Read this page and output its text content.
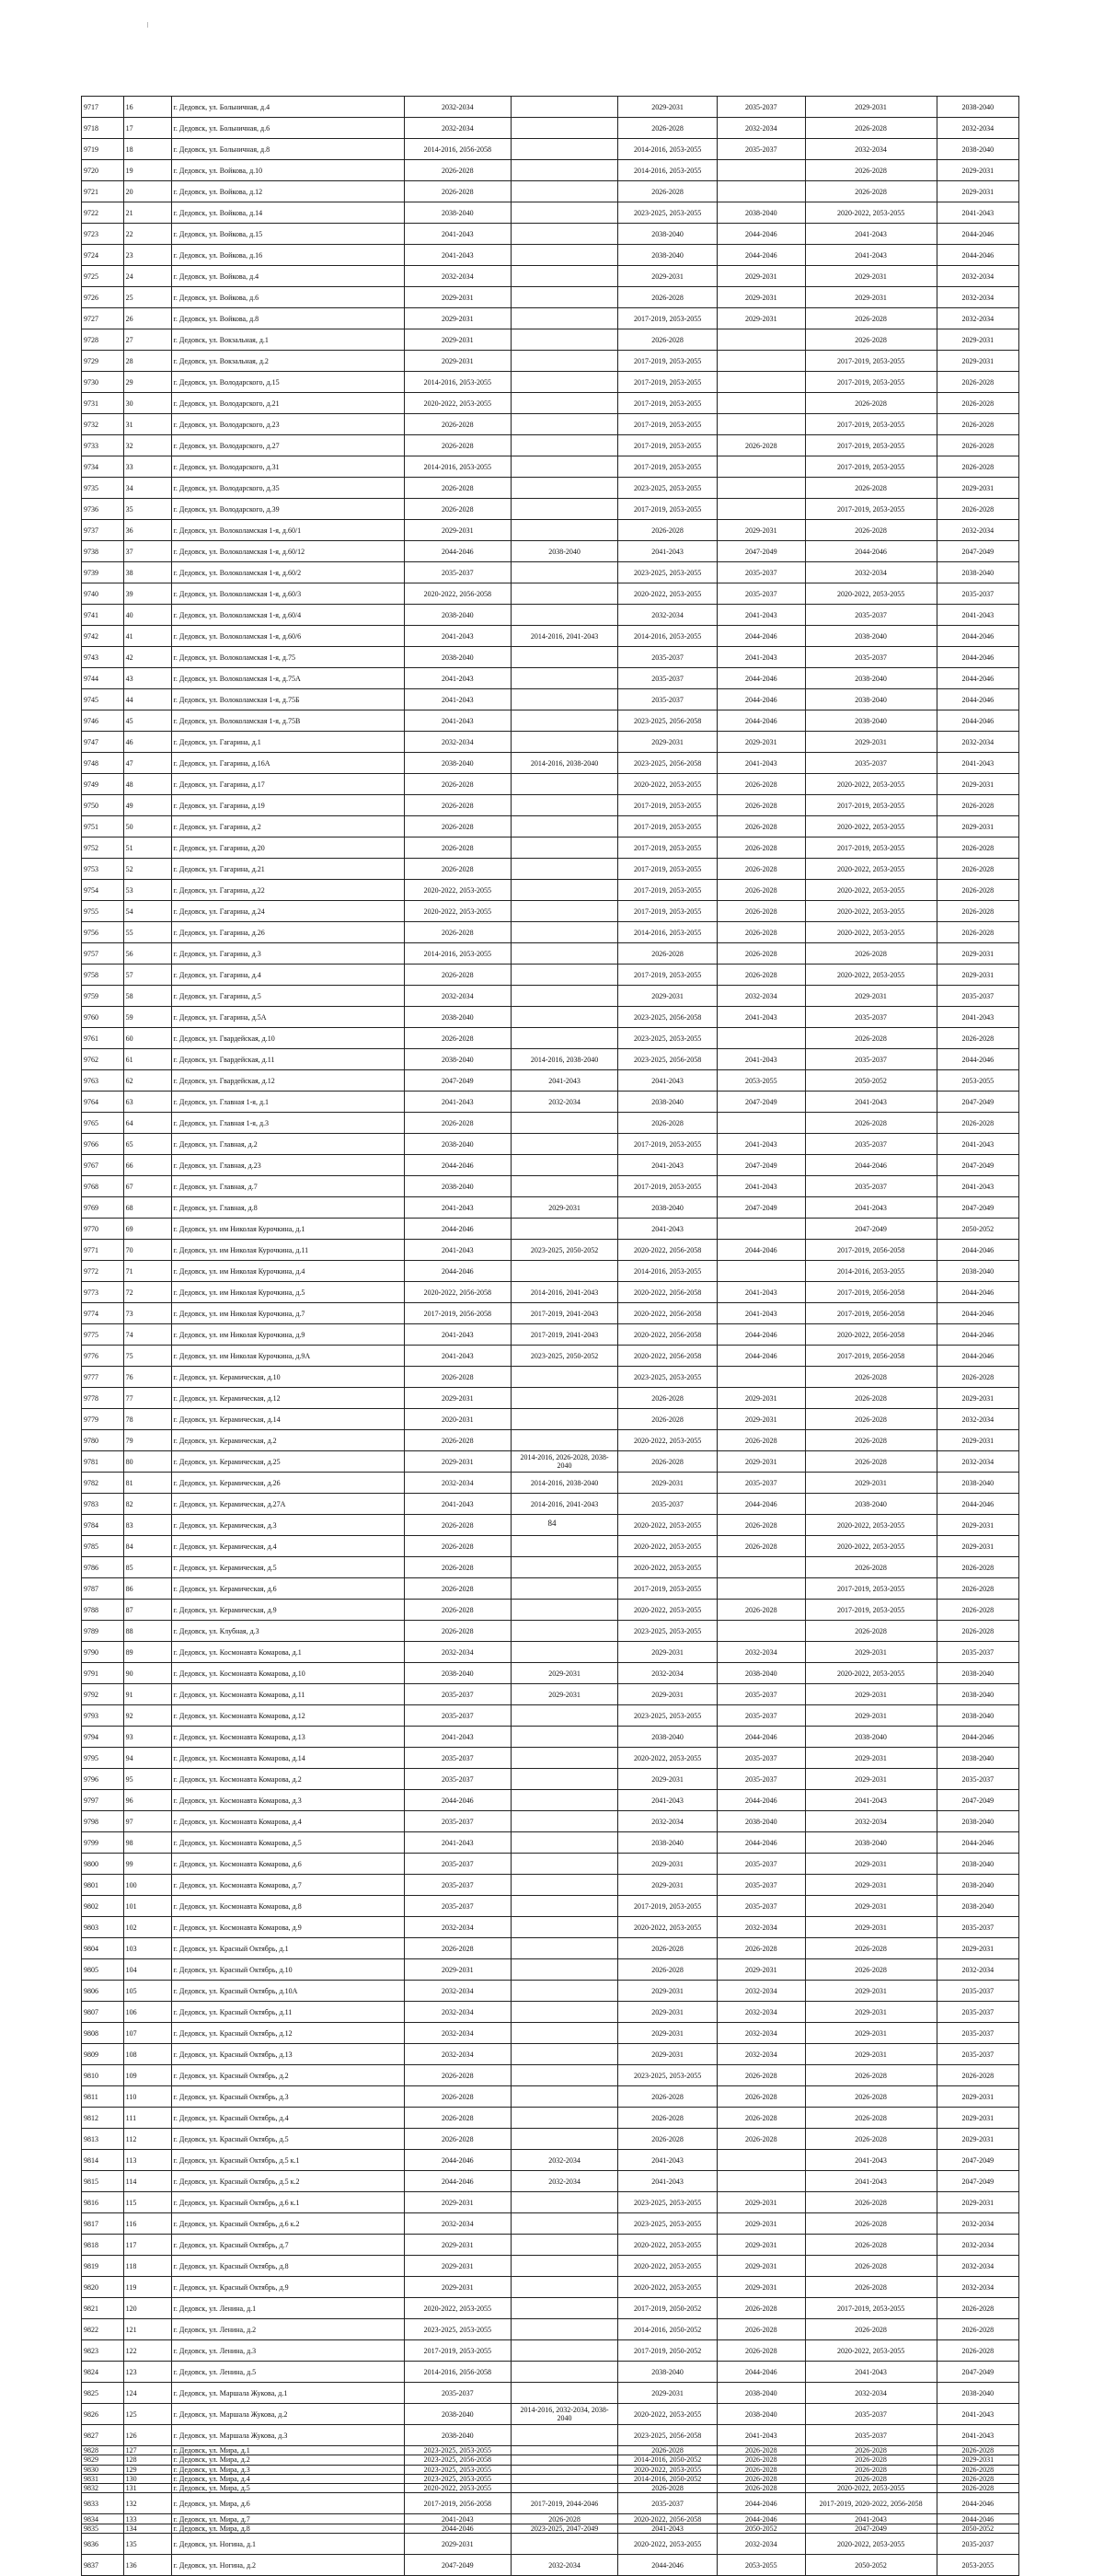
9717	16	г. Дедовск, ул. Больничная, д.4	2032-2034		2029-2031	2035-2037	2029-2031	2038-2040
9718	17	г. Дедовск, ул. Больничная, д.6	2032-2034		2026-2028	2032-2034	2026-2028	2032-2034
9719	18	г. Дедовск, ул. Больничная, д.8	2014-2016, 2056-2058		2014-2016, 2053-2055	2035-2037	2032-2034	2038-2040
9720	19	г. Дедовск, ул. Войкова, д.10	2026-2028		2014-2016, 2053-2055		2026-2028	2029-2031
9721	20	г. Дедовск, ул. Войкова, д.12	2026-2028		2026-2028		2026-2028	2029-2031
9722	21	г. Дедовск, ул. Войкова, д.14	2038-2040		2023-2025, 2053-2055	2038-2040	2020-2022, 2053-2055	2041-2043
9723	22	г. Дедовск, ул. Войкова, д.15	2041-2043		2038-2040	2044-2046	2041-2043	2044-2046
9724	23	г. Дедовск, ул. Войкова, д.16	2041-2043		2038-2040	2044-2046	2041-2043	2044-2046
9725	24	г. Дедовск, ул. Войкова, д.4	2032-2034		2029-2031	2029-2031	2029-2031	2032-2034
9726	25	г. Дедовск, ул. Войкова, д.6	2029-2031		2026-2028	2029-2031	2029-2031	2032-2034
9727	26	г. Дедовск, ул. Войкова, д.8	2029-2031		2017-2019, 2053-2055	2029-2031	2026-2028	2032-2034
9728	27	г. Дедовск, ул. Вокзальная, д.1	2029-2031		2026-2028		2026-2028	2029-2031
9729	28	г. Дедовск, ул. Вокзальная, д.2	2029-2031		2017-2019, 2053-2055		2017-2019, 2053-2055	2029-2031
9730	29	г. Дедовск, ул. Володарского, д.15	2014-2016, 2053-2055		2017-2019, 2053-2055		2017-2019, 2053-2055	2026-2028
9731	30	г. Дедовск, ул. Володарского, д.21	2020-2022, 2053-2055		2017-2019, 2053-2055		2026-2028	2026-2028
9732	31	г. Дедовск, ул. Володарского, д.23	2026-2028		2017-2019, 2053-2055		2017-2019, 2053-2055	2026-2028
9733	32	г. Дедовск, ул. Володарского, д.27	2026-2028		2017-2019, 2053-2055	2026-2028	2017-2019, 2053-2055	2026-2028
9734	33	г. Дедовск, ул. Володарского, д.31	2014-2016, 2053-2055		2017-2019, 2053-2055		2017-2019, 2053-2055	2026-2028
9735	34	г. Дедовск, ул. Володарского, д.35	2026-2028		2023-2025, 2053-2055		2026-2028	2029-2031
9736	35	г. Дедовск, ул. Володарского, д.39	2026-2028		2017-2019, 2053-2055		2017-2019, 2053-2055	2026-2028
9737	36	г. Дедовск, ул. Волоколамская 1-я, д.60/1	2029-2031		2026-2028	2029-2031	2026-2028	2032-2034
9738	37	г. Дедовск, ул. Волоколамская 1-я, д.60/12	2044-2046	2038-2040	2041-2043	2047-2049	2044-2046	2047-2049
9739	38	г. Дедовск, ул. Волоколамская 1-я, д.60/2	2035-2037		2023-2025, 2053-2055	2035-2037	2032-2034	2038-2040
9740	39	г. Дедовск, ул. Волоколамская 1-я, д.60/3	2020-2022, 2056-2058		2020-2022, 2053-2055	2035-2037	2020-2022, 2053-2055	2035-2037
9741	40	г. Дедовск, ул. Волоколамская 1-я, д.60/4	2038-2040		2032-2034	2041-2043	2035-2037	2041-2043
9742	41	г. Дедовск, ул. Волоколамская 1-я, д.60/6	2041-2043	2014-2016, 2041-2043	2014-2016, 2053-2055	2044-2046	2038-2040	2044-2046
9743	42	г. Дедовск, ул. Волоколамская 1-я, д.75	2038-2040		2035-2037	2041-2043	2035-2037	2044-2046
9744	43	г. Дедовск, ул. Волоколамская 1-я, д.75А	2041-2043		2035-2037	2044-2046	2038-2040	2044-2046
9745	44	г. Дедовск, ул. Волоколамская 1-я, д.75Б	2041-2043		2035-2037	2044-2046	2038-2040	2044-2046
9746	45	г. Дедовск, ул. Волоколамская 1-я, д.75В	2041-2043		2023-2025, 2056-2058	2044-2046	2038-2040	2044-2046
9747	46	г. Дедовск, ул. Гагарина, д.1	2032-2034		2029-2031	2029-2031	2029-2031	2032-2034
9748	47	г. Дедовск, ул. Гагарина, д.16А	2038-2040	2014-2016, 2038-2040	2023-2025, 2056-2058	2041-2043	2035-2037	2041-2043
9749	48	г. Дедовск, ул. Гагарина, д.17	2026-2028		2020-2022, 2053-2055	2026-2028	2020-2022, 2053-2055	2029-2031
9750	49	г. Дедовск, ул. Гагарина, д.19	2026-2028		2017-2019, 2053-2055	2026-2028	2017-2019, 2053-2055	2026-2028
9751	50	г. Дедовск, ул. Гагарина, д.2	2026-2028		2017-2019, 2053-2055	2026-2028	2020-2022, 2053-2055	2029-2031
9752	51	г. Дедовск, ул. Гагарина, д.20	2026-2028		2017-2019, 2053-2055	2026-2028	2017-2019, 2053-2055	2026-2028
9753	52	г. Дедовск, ул. Гагарина, д.21	2026-2028		2017-2019, 2053-2055	2026-2028	2020-2022, 2053-2055	2026-2028
9754	53	г. Дедовск, ул. Гагарина, д.22	2020-2022, 2053-2055		2017-2019, 2053-2055	2026-2028	2020-2022, 2053-2055	2026-2028
9755	54	г. Дедовск, ул. Гагарина, д.24	2020-2022, 2053-2055		2017-2019, 2053-2055	2026-2028	2020-2022, 2053-2055	2026-2028
9756	55	г. Дедовск, ул. Гагарина, д.26	2026-2028		2014-2016, 2053-2055	2026-2028	2020-2022, 2053-2055	2026-2028
9757	56	г. Дедовск, ул. Гагарина, д.3	2014-2016, 2053-2055		2026-2028	2026-2028	2026-2028	2029-2031
9758	57	г. Дедовск, ул. Гагарина, д.4	2026-2028		2017-2019, 2053-2055	2026-2028	2020-2022, 2053-2055	2029-2031
9759	58	г. Дедовск, ул. Гагарина, д.5	2032-2034		2029-2031	2032-2034	2029-2031	2035-2037
9760	59	г. Дедовск, ул. Гагарина, д.5А	2038-2040		2023-2025, 2056-2058	2041-2043	2035-2037	2041-2043
9761	60	г. Дедовск, ул. Гвардейская, д.10	2026-2028		2023-2025, 2053-2055		2026-2028	2026-2028
9762	61	г. Дедовск, ул. Гвардейская, д.11	2038-2040	2014-2016, 2038-2040	2023-2025, 2056-2058	2041-2043	2035-2037	2044-2046
9763	62	г. Дедовск, ул. Гвардейская, д.12	2047-2049	2041-2043	2041-2043	2053-2055	2050-2052	2053-2055
9764	63	г. Дедовск, ул. Главная 1-я, д.1	2041-2043	2032-2034	2038-2040	2047-2049	2041-2043	2047-2049
9765	64	г. Дедовск, ул. Главная 1-я, д.3	2026-2028		2026-2028		2026-2028	2026-2028
9766	65	г. Дедовск, ул. Главная, д.2	2038-2040		2017-2019, 2053-2055	2041-2043	2035-2037	2041-2043
9767	66	г. Дедовск, ул. Главная, д.23	2044-2046		2041-2043	2047-2049	2044-2046	2047-2049
9768	67	г. Дедовск, ул. Главная, д.7	2038-2040		2017-2019, 2053-2055	2041-2043	2035-2037	2041-2043
9769	68	г. Дедовск, ул. Главная, д.8	2041-2043	2029-2031	2038-2040	2047-2049	2041-2043	2047-2049
9770	69	г. Дедовск, ул. им Николая Курочкина, д.1	2044-2046		2041-2043		2047-2049	2050-2052
9771	70	г. Дедовск, ул. им Николая Курочкина, д.11	2041-2043	2023-2025, 2050-2052	2020-2022, 2056-2058	2044-2046	2017-2019, 2056-2058	2044-2046
9772	71	г. Дедовск, ул. им Николая Курочкина, д.4	2044-2046		2014-2016, 2053-2055		2014-2016, 2053-2055	2038-2040
9773	72	г. Дедовск, ул. им Николая Курочкина, д.5	2020-2022, 2056-2058	2014-2016, 2041-2043	2020-2022, 2056-2058	2041-2043	2017-2019, 2056-2058	2044-2046
9774	73	г. Дедовск, ул. им Николая Курочкина, д.7	2017-2019, 2056-2058	2017-2019, 2041-2043	2020-2022, 2056-2058	2041-2043	2017-2019, 2056-2058	2044-2046
9775	74	г. Дедовск, ул. им Николая Курочкина, д.9	2041-2043	2017-2019, 2041-2043	2020-2022, 2056-2058	2044-2046	2020-2022, 2056-2058	2044-2046
9776	75	г. Дедовск, ул. им Николая Курочкина, д.9А	2041-2043	2023-2025, 2050-2052	2020-2022, 2056-2058	2044-2046	2017-2019, 2056-2058	2044-2046
9777	76	г. Дедовск, ул. Керамическая, д.10	2026-2028		2023-2025, 2053-2055		2026-2028	2026-2028
9778	77	г. Дедовск, ул. Керамическая, д.12	2029-2031		2026-2028	2029-2031	2026-2028	2029-2031
9779	78	г. Дедовск, ул. Керамическая, д.14	2020-2031		2026-2028	2029-2031	2026-2028	2032-2034
9780	79	г. Дедовск, ул. Керамическая, д.2	2026-2028		2020-2022, 2053-2055	2026-2028	2026-2028	2029-2031
9781	80	г. Дедовск, ул. Керамическая, д.25	2029-2031	2014-2016, 2026-2028, 2038-2040	2026-2028	2029-2031	2026-2028	2032-2034
9782	81	г. Дедовск, ул. Керамическая, д.26	2032-2034	2014-2016, 2038-2040	2029-2031	2035-2037	2029-2031	2038-2040
9783	82	г. Дедовск, ул. Керамическая, д.27А	2041-2043	2014-2016, 2041-2043	2035-2037	2044-2046	2038-2040	2044-2046
9784	83	г. Дедовск, ул. Керамическая, д.3	2026-2028		2020-2022, 2053-2055	2026-2028	2020-2022, 2053-2055	2029-2031
9785	84	г. Дедовск, ул. Керамическая, д.4	2026-2028		2020-2022, 2053-2055	2026-2028	2020-2022, 2053-2055	2029-2031
9786	85	г. Дедовск, ул. Керамическая, д.5	2026-2028		2020-2022, 2053-2055		2026-2028	2026-2028
9787	86	г. Дедовск, ул. Керамическая, д.6	2026-2028		2017-2019, 2053-2055		2017-2019, 2053-2055	2026-2028
9788	87	г. Дедовск, ул. Керамическая, д.9	2026-2028		2020-2022, 2053-2055	2026-2028	2017-2019, 2053-2055	2026-2028
9789	88	г. Дедовск, ул. Клубная, д.3	2026-2028		2023-2025, 2053-2055		2026-2028	2026-2028
9790	89	г. Дедовск, ул. Космонавта Комарова, д.1	2032-2034		2029-2031	2032-2034	2029-2031	2035-2037
9791	90	г. Дедовск, ул. Космонавта Комарова, д.10	2038-2040	2029-2031	2032-2034	2038-2040	2020-2022, 2053-2055	2038-2040
9792	91	г. Дедовск, ул. Космонавта Комарова, д.11	2035-2037	2029-2031	2029-2031	2035-2037	2029-2031	2038-2040
9793	92	г. Дедовск, ул. Космонавта Комарова, д.12	2035-2037		2023-2025, 2053-2055	2035-2037	2029-2031	2038-2040
9794	93	г. Дедовск, ул. Космонавта Комарова, д.13	2041-2043		2038-2040	2044-2046	2038-2040	2044-2046
9795	94	г. Дедовск, ул. Космонавта Комарова, д.14	2035-2037		2020-2022, 2053-2055	2035-2037	2029-2031	2038-2040
9796	95	г. Дедовск, ул. Космонавта Комарова, д.2	2035-2037		2029-2031	2035-2037	2029-2031	2035-2037
9797	96	г. Дедовск, ул. Космонавта Комарова, д.3	2044-2046		2041-2043	2044-2046	2041-2043	2047-2049
9798	97	г. Дедовск, ул. Космонавта Комарова, д.4	2035-2037		2032-2034	2038-2040	2032-2034	2038-2040
9799	98	г. Дедовск, ул. Космонавта Комарова, д.5	2041-2043		2038-2040	2044-2046	2038-2040	2044-2046
9800	99	г. Дедовск, ул. Космонавта Комарова, д.6	2035-2037		2029-2031	2035-2037	2029-2031	2038-2040
9801	100	г. Дедовск, ул. Космонавта Комарова, д.7	2035-2037		2029-2031	2035-2037	2029-2031	2038-2040
9802	101	г. Дедовск, ул. Космонавта Комарова, д.8	2035-2037		2017-2019, 2053-2055	2035-2037	2029-2031	2038-2040
9803	102	г. Дедовск, ул. Космонавта Комарова, д.9	2032-2034		2020-2022, 2053-2055	2032-2034	2029-2031	2035-2037
9804	103	г. Дедовск, ул. Красный Октябрь, д.1	2026-2028		2026-2028	2026-2028	2026-2028	2029-2031
9805	104	г. Дедовск, ул. Красный Октябрь, д.10	2029-2031		2026-2028	2029-2031	2026-2028	2032-2034
9806	105	г. Дедовск, ул. Красный Октябрь, д.10А	2032-2034		2029-2031	2032-2034	2029-2031	2035-2037
9807	106	г. Дедовск, ул. Красный Октябрь, д.11	2032-2034		2029-2031	2032-2034	2029-2031	2035-2037
9808	107	г. Дедовск, ул. Красный Октябрь, д.12	2032-2034		2029-2031	2032-2034	2029-2031	2035-2037
9809	108	г. Дедовск, ул. Красный Октябрь, д.13	2032-2034		2029-2031	2032-2034	2029-2031	2035-2037
9810	109	г. Дедовск, ул. Красный Октябрь, д.2	2026-2028		2023-2025, 2053-2055	2026-2028	2026-2028	2026-2028
9811	110	г. Дедовск, ул. Красный Октябрь, д.3	2026-2028		2026-2028	2026-2028	2026-2028	2029-2031
9812	111	г. Дедовск, ул. Красный Октябрь, д.4	2026-2028		2026-2028	2026-2028	2026-2028	2029-2031
9813	112	г. Дедовск, ул. Красный Октябрь, д.5	2026-2028		2026-2028	2026-2028	2026-2028	2029-2031
9814	113	г. Дедовск, ул. Красный Октябрь, д.5 к.1	2044-2046	2032-2034	2041-2043		2041-2043	2047-2049
9815	114	г. Дедовск, ул. Красный Октябрь, д.5 к.2	2044-2046	2032-2034	2041-2043		2041-2043	2047-2049
9816	115	г. Дедовск, ул. Красный Октябрь, д.6 к.1	2029-2031		2023-2025, 2053-2055	2029-2031	2026-2028	2029-2031
9817	116	г. Дедовск, ул. Красный Октябрь, д.6 к.2	2032-2034		2023-2025, 2053-2055	2029-2031	2026-2028	2032-2034
9818	117	г. Дедовск, ул. Красный Октябрь, д.7	2029-2031		2020-2022, 2053-2055	2029-2031	2026-2028	2032-2034
9819	118	г. Дедовск, ул. Красный Октябрь, д.8	2029-2031		2020-2022, 2053-2055	2029-2031	2026-2028	2032-2034
9820	119	г. Дедовск, ул. Красный Октябрь, д.9	2029-2031		2020-2022, 2053-2055	2029-2031	2026-2028	2032-2034
9821	120	г. Дедовск, ул. Ленина, д.1	2020-2022, 2053-2055		2017-2019, 2050-2052	2026-2028	2017-2019, 2053-2055	2026-2028
9822	121	г. Дедовск, ул. Ленина, д.2	2023-2025, 2053-2055		2014-2016, 2050-2052	2026-2028	2026-2028	2026-2028
9823	122	г. Дедовск, ул. Ленина, д.3	2017-2019, 2053-2055		2017-2019, 2050-2052	2026-2028	2020-2022, 2053-2055	2026-2028
9824	123	г. Дедовск, ул. Ленина, д.5	2014-2016, 2056-2058		2038-2040	2044-2046	2041-2043	2047-2049
9825	124	г. Дедовск, ул. Маршала Жукова, д.1	2035-2037		2029-2031	2038-2040	2032-2034	2038-2040
9826	125	г. Дедовск, ул. Маршала Жукова, д.2	2038-2040	2014-2016, 2032-2034, 2038-2040	2020-2022, 2053-2055	2038-2040	2035-2037	2041-2043
9827	126	г. Дедовск, ул. Маршала Жукова, д.3	2038-2040		2023-2025, 2056-2058	2041-2043	2035-2037	2041-2043
9828	127	г. Дедовск, ул. Мира, д.1	2023-2025, 2053-2055		2026-2028	2026-2028	2026-2028	2026-2028
9829	128	г. Дедовск, ул. Мира, д.2	2023-2025, 2056-2058		2014-2016, 2050-2052	2026-2028	2026-2028	2029-2031
9830	129	г. Дедовск, ул. Мира, д.3	2023-2025, 2053-2055		2020-2022, 2053-2055	2026-2028	2026-2028	2026-2028
9831	130	г. Дедовск, ул. Мира, д.4	2023-2025, 2053-2055		2014-2016, 2050-2052	2026-2028	2026-2028	2026-2028
9832	131	г. Дедовск, ул. Мира, д.5	2020-2022, 2053-2055		2026-2028	2026-2028	2020-2022, 2053-2055	2026-2028
9833	132	г. Дедовск, ул. Мира, д.6	2017-2019, 2056-2058	2017-2019, 2044-2046	2035-2037	2044-2046	2017-2019, 2020-2022, 2056-2058	2044-2046
9834	133	г. Дедовск, ул. Мира, д.7	2041-2043	2026-2028	2020-2022, 2056-2058	2044-2046	2041-2043	2044-2046
9835	134	г. Дедовск, ул. Мира, д.8	2044-2046	2023-2025, 2047-2049	2041-2043	2050-2052	2047-2049	2050-2052
9836	135	г. Дедовск, ул. Ногина, д.1	2029-2031		2020-2022, 2053-2055	2032-2034	2020-2022, 2053-2055	2035-2037
9837	136	г. Дедовск, ул. Ногина, д.2	2047-2049	2032-2034	2044-2046	2053-2055	2050-2052	2053-2055
84
